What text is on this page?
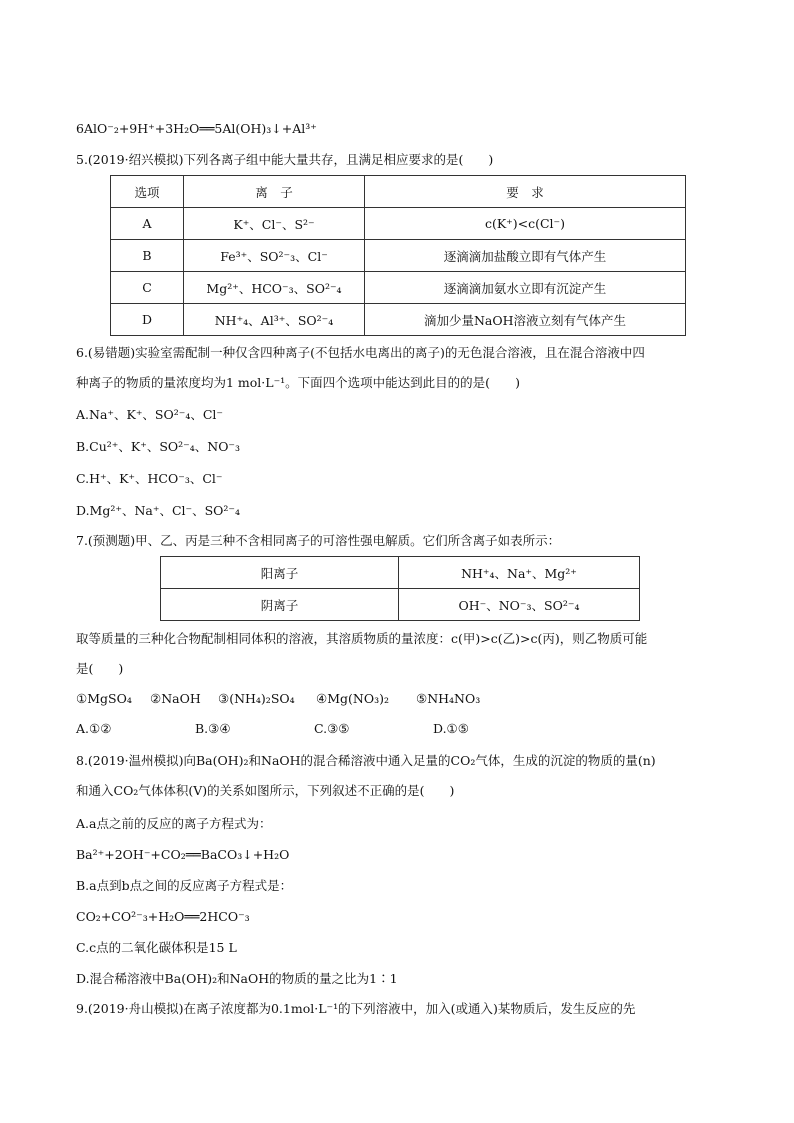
6AlO⁻₂+9H⁺+3H₂O══5Al(OH)₃↓+Al³⁺
5.(2019·绍兴模拟)下列各离子组中能大量共存，且满足相应要求的是(　　)
选项	离　子	要　求
A	K⁺、Cl⁻、S²⁻	c(K⁺)<c(Cl⁻)
B	Fe³⁺、SO²⁻₃、Cl⁻	逐滴滴加盐酸立即有气体产生
C	Mg²⁺、HCO⁻₃、SO²⁻₄	逐滴滴加氨水立即有沉淀产生
D	NH⁺₄、Al³⁺、SO²⁻₄	滴加少量NaOH溶液立刻有气体产生
6.(易错题)实验室需配制一种仅含四种离子(不包括水电离出的离子)的无色混合溶液，且在混合溶液中四
种离子的物质的量浓度均为1 mol·L⁻¹。下面四个选项中能达到此目的的是(　　)
A.Na⁺、K⁺、SO²⁻₄、Cl⁻
B.Cu²⁺、K⁺、SO²⁻₄、NO⁻₃
C.H⁺、K⁺、HCO⁻₃、Cl⁻
D.Mg²⁺、Na⁺、Cl⁻、SO²⁻₄
7.(预测题)甲、乙、丙是三种不含相同离子的可溶性强电解质。它们所含离子如表所示：
阳离子	NH⁺₄、Na⁺、Mg²⁺
阴离子	OH⁻、NO⁻₃、SO²⁻₄
取等质量的三种化合物配制相同体积的溶液，其溶质物质的量浓度：c(甲)>c(乙)>c(丙)，则乙物质可能
是(　　)
①MgSO₄ ②NaOH ③(NH₄)₂SO₄ ④Mg(NO₃)₂ ⑤NH₄NO₃
A.①②	B.③④	C.③⑤	D.①⑤
8.(2019·温州模拟)向Ba(OH)₂和NaOH的混合稀溶液中通入足量的CO₂气体，生成的沉淀的物质的量(n)
和通入CO₂气体体积(V)的关系如图所示，下列叙述不正确的是(　　)
A.a点之前的反应的离子方程式为：
Ba²⁺+2OH⁻+CO₂══BaCO₃↓+H₂O
B.a点到b点之间的反应离子方程式是：
CO₂+CO²⁻₃+H₂O══2HCO⁻₃
C.c点的二氧化碳体积是15 L
D.混合稀溶液中Ba(OH)₂和NaOH的物质的量之比为1∶1
9.(2019·舟山模拟)在离子浓度都为0.1mol·L⁻¹的下列溶液中，加入(或通入)某物质后，发生反应的先
